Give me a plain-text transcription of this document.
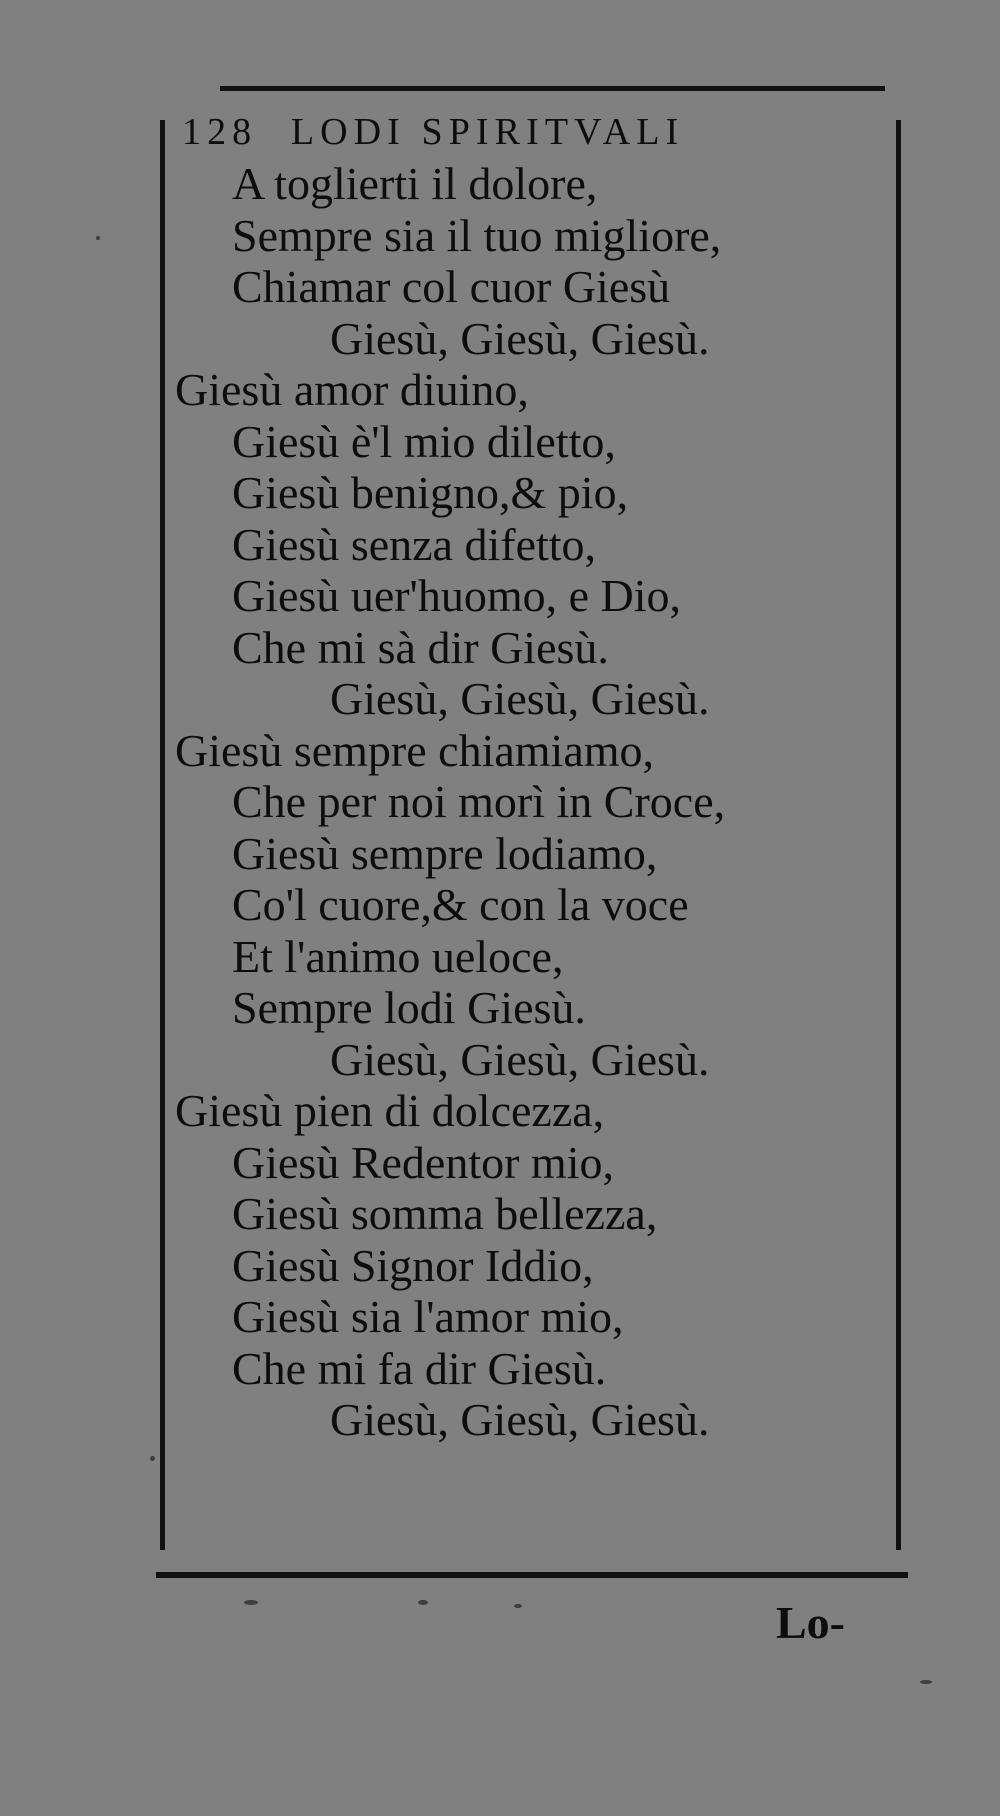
128 LODI SPIRITVALI
A toglierti il dolore,
Sempre sia il tuo migliore,
Chiamar col cuor Giesù
Giesù, Giesù, Giesù.
Giesù amor diuino,
Giesù è'l mio diletto,
Giesù benigno,& pio,
Giesù senza difetto,
Giesù uer'huomo, e Dio,
Che mi sà dir Giesù.
Giesù, Giesù, Giesù.
Giesù sempre chiamiamo,
Che per noi morì in Croce,
Giesù sempre lodiamo,
Co'l cuore,& con la voce
Et l'animo ueloce,
Sempre lodi Giesù.
Giesù, Giesù, Giesù.
Giesù pien di dolcezza,
Giesù Redentor mio,
Giesù somma bellezza,
Giesù Signor Iddio,
Giesù sia l'amor mio,
Che mi fa dir Giesù.
Giesù, Giesù, Giesù.
Lo-
